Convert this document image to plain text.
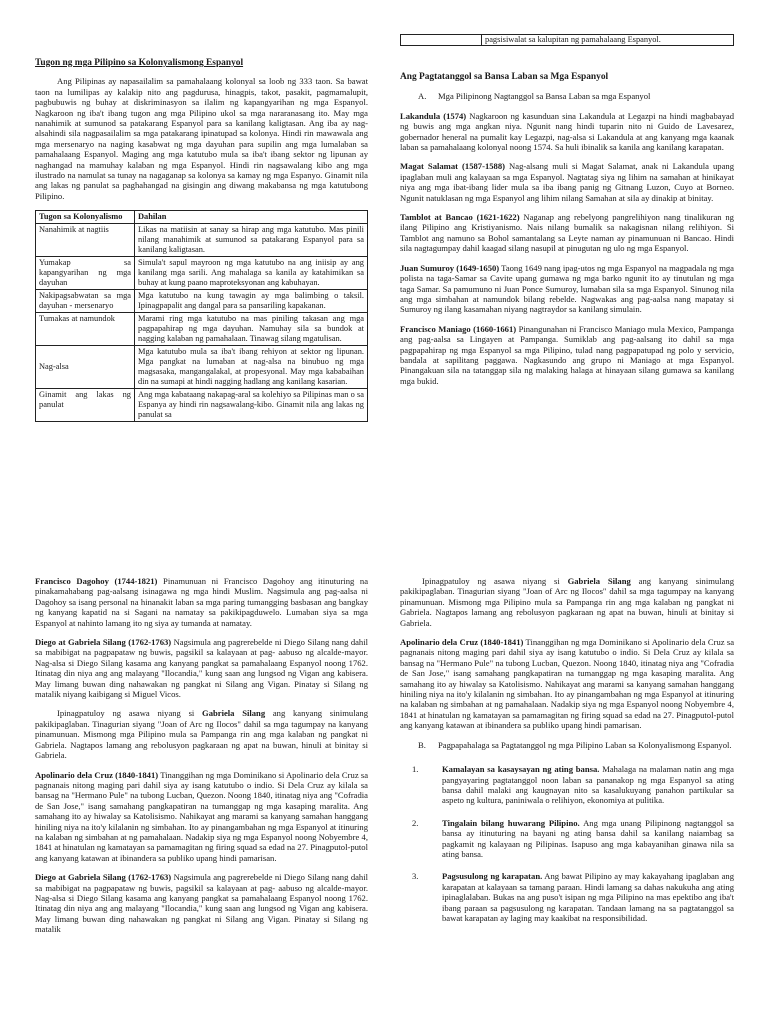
Tugon ng mga Pilipino sa Kolonyalismong Espanyol

Ang Pilipinas ay napasailalim sa pamahalaang kolonyal sa loob ng 333 taon. Sa bawat taon na lumilipas ay kalakip nito ang pagdurusa, hinagpis, takot, pasakit, pagmamalupit, pagbubuwis ng buhay at diskriminasyon sa ilalim ng kapangyarihan ng mga Espanyol. Nagkaroon ng iba't ibang tugon ang mga Pilipino ukol sa mga nararanasang ito. May mga nanahimik at sumunod sa patakarang Espanyol para sa kanilang kaligtasan. Ang iba ay nag-alsahindi sila nagpasailalim sa mga patakarang ipinatupad sa kolonya. Hindi rin mawawala ang mga mersenaryo na naging kasabwat ng mga dayuhan para supilin ang mga lumalaban sa pamahalaang Espanyol. Maging ang mga katutubo mula sa iba't ibang sektor ng lipunan ay naghangad na mamuhay kalaban ng mga Espanyol. Hindi rin nagsawalang kibo ang mga ilustrado na namulat sa tunay na nagaganap sa kolonya sa kamay ng mga Espanyo. Ginamit nila ang lakas ng panulat sa paghahangad na gisingin ang diwang makabansa ng mga katutubong Pilipino.

Tugon sa Kolonyalismo	Dahilan
Nanahimik at nagtiis	Likas na matiisin at sanay sa hirap ang mga katutubo. Mas pinili nilang manahimik at sumunod sa patakarang Espanyol para sa kanilang kaligtasan.
Yumakap sa kapangyarihan ng mga dayuhan	Simula't sapul mayroon ng mga katutubo na ang iniisip ay ang kanilang mga sarili. Ang mahalaga sa kanila ay katahimikan sa buhay at kung paano maproteksyonan ang kabuhayan.
Nakipagsabwatan sa mga dayuhan - mersenaryo	Mga katutubo na kung tawagin ay mga balimbing o taksil. Ipinagpapalit ang dangal para sa pansariling kapakanan.
Tumakas at namundok	Marami ring mga katutubo na mas piniling takasan ang mga pagpapahirap ng mga dayuhan. Namuhay sila sa bundok at nagging kalaban ng pamahalaan. Tinawag silang mgatulisan.
Nag-alsa	Mga katutubo mula sa iba't ibang rehiyon at sektor ng lipunan. Mga pangkat na lumaban at nag-alsa na binubuo ng mga magsasaka, mangangalakal, at propesyonal. May mga kababaihan din na sumapi at hindi nagging hadlang ang kanilang kasarian.
Ginamit ang lakas ng panulat	Ang mga kabataang nakapag-aral sa kolehiyo sa Pilipinas man o sa Espanya ay hindi rin nagsawalang-kibo. Ginamit nila ang lakas ng panulat sa
	pagsisiwalat sa kalupitan ng pamahalaang Espanyol.
Ang Pagtatanggol sa Bansa Laban sa Mga Espanyol
A. Mga Pilipinong Nagtanggol sa Bansa Laban sa mga Espanyol

Lakandula (1574) Nagkaroon ng kasunduan sina Lakandula at Legazpi na hindi magbabayad ng buwis ang mga angkan niya. Ngunit nang hindi tuparin nito ni Guido de Lavesarez, gobernador heneral na pumalit kay Legazpi, nag-alsa si Lakandula at ang kanyang mga kaanak laban sa pamahalaang kolonyal noong 1574. Sa huli ibinalik sa kanila ang kanilang karapatan.

Magat Salamat (1587-1588) Nag-alsang muli si Magat Salamat, anak ni Lakandula upang ipaglaban muli ang kalayaan sa mga Espanyol. Nagtatag siya ng lihim na samahan at hinikayat niya ang mga ibat-ibang lider mula sa iba ibang panig ng Gitnang Luzon, Cuyo at Borneo. Ngunit natuklasan ng mga Espanyol ang lihim nilang Samahan at sila ay dinakip at binitay.

Tamblot at Bancao (1621-1622) Naganap ang rebelyong pangrelihiyon nang tinalikuran ng ilang Pilipino ang Kristiyanismo. Nais nilang bumalik sa nakagisnan nilang relihiyon. Si Tamblot ang namuno sa Bohol samantalang sa Leyte naman ay pinamunuan ni Bancao. Hindi sila nagtagumpay dahil kaagad silang nasupil at pinugutan ng ulo ng mga Espanyol.

Juan Sumuroy (1649-1650) Taong 1649 nang ipag-utos ng mga Espanyol na magpadala ng mga polista na taga-Samar sa Cavite upang gumawa ng mga barko ngunit ito ay tinutulan ng mga taga Samar. Sa pamumuno ni Juan Ponce Sumuroy, lumaban sila sa mga Espanyol. Sinunog nila ang mga simbahan at namundok bilang rebelde. Nagwakas ang pag-aalsa nang mapatay si Sumuroy ng ilang kasamahan niyang nagtraydor sa kanilang simulain.

Francisco Maniago (1660-1661) Pinangunahan ni Francisco Maniago mula Mexico, Pampanga ang pag-aalsa sa Lingayen at Pampanga. Sumiklab ang pag-aalsang ito dahil sa mga pagpapahirap ng mga Espanyol sa mga Pilipino, tulad nang pagpapatupad ng polo y servicio, bandala at sapilitang paggawa. Nagkasundo ang grupo ni Maniago at mga Espanyol. Pinangakuan sila na tatanggap sila ng malaking halaga at hinayaan silang gumawa sa kanilang mga bukid.

Francisco Dagohoy (1744-1821) Pinamunuan ni Francisco Dagohoy ang itinuturing na pinakamahabang pag-aalsang isinagawa ng mga hindi Muslim. Nagsimula ang pag-aalsa ni Dagohoy sa isang personal na hinanakit laban sa mga paring tumangging basbasan ang bangkay ng kanyang kapatid na si Sagani na namatay sa pakikipagduwelo. Lumaban siya sa mga Espanyol at nahinto lamang ito ng siya ay tumanda at namatay.

Diego at Gabriela Silang (1762-1763) Nagsimula ang pagrerebelde ni Diego Silang nang dahil sa mabibigat na pagpapataw ng buwis, pagsikil sa kalayaan at pag- aabuso ng alcalde-mayor. Nag-alsa si Diego Silang kasama ang kanyang pangkat sa pamahalaang Espanyol noong 1762. Itinatag din niya ang ang malayang "Ilocandia," kung saan ang lungsod ng Vigan ang kabisera. May limang buwan ding nahawakan ng pangkat ni Silang ang Vigan. Pinatay si Silang ng matalik niyang kaibigang si Miguel Vicos.

Ipinagpatuloy ng asawa niyang si Gabriela Silang ang kanyang sinimulang pakikipaglaban. Tinagurian siyang "Joan of Arc ng Ilocos" dahil sa mga tagumpay na kanyang pinamunuan. Mismong mga Pilipino mula sa Pampanga rin ang mga kalaban ng pangkat ni Gabriela. Nagtapos lamang ang rebolusyon pagkaraan ng apat na buwan, hinuli at binitay si Gabriela.

Apolinario dela Cruz (1840-1841) Tinanggihan ng mga Dominikano si Apolinario dela Cruz sa pagnanais nitong maging pari dahil siya ay isang katutubo o indio. Si Dela Cruz ay kilala sa bansag na "Hermano Pule" na tubong Lucban, Quezon. Noong 1840, itinatag niya ang "Cofradia de San Jose," isang samahang pangkapatiran na tumanggap ng mga kasaping maralita. Ang samahang ito ay hiwalay sa Katolisismo. Nahikayat ang marami sa kanyang samahan hanggang hiniling niya na ito'y kilalanin ng simbahan. Ito ay pinangambahan ng mga Espanyol at itinuring na kalaban ng simbahan at ng pamahalaan. Nadakip siya ng mga Espanyol noong Nobyembre 4, 1841 at hinatulan ng kamatayan sa pamamagitan ng firing squad sa edad na 27. Pinagputol-putol ang kanyang katawan at ibinandera sa publiko upang hindi pamarisan.

Diego at Gabriela Silang (1762-1763) Nagsimula ang pagrerebelde ni Diego Silang nang dahil sa mabibigat na pagpapataw ng buwis, pagsikil sa kalayaan at pag- aabuso ng alcalde-mayor. Nag-alsa si Diego Silang kasama ang kanyang pangkat sa pamahalaang Espanyol noong 1762. Itinatag din niya ang ang malayang "Ilocandia," kung saan ang lungsod ng Vigan ang kabisera. May limang buwan ding nahawakan ng pangkat ni Silang ang Vigan. Pinatay si Silang ng matalik

Ipinagpatuloy ng asawa niyang si Gabriela Silang ang kanyang sinimulang pakikipaglaban. Tinagurian siyang "Joan of Arc ng Ilocos" dahil sa mga tagumpay na kanyang pinamunuan. Mismong mga Pilipino mula sa Pampanga rin ang mga kalaban ng pangkat ni Gabriela. Nagtapos lamang ang rebolusyon pagkaraan ng apat na buwan, hinuli at binitay si Gabriela.

Apolinario dela Cruz (1840-1841) Tinanggihan ng mga Dominikano si Apolinario dela Cruz sa pagnanais nitong maging pari dahil siya ay isang katutubo o indio. Si Dela Cruz ay kilala sa bansag na "Hermano Pule" na tubong Lucban, Quezon. Noong 1840, itinatag niya ang "Cofradia de San Jose," isang samahang pangkapatiran na tumanggap ng mga kasaping maralita. Ang samahang ito ay hiwalay sa Katolisismo. Nahikayat ang marami sa kanyang samahan hanggang hiniling niya na ito'y kilalanin ng simbahan. Ito ay pinangambahan ng mga Espanyol at itinuring na kalaban ng simbahan at ng pamahalaan. Nadakip siya ng mga Espanyol noong Nobyembre 4, 1841 at hinatulan ng kamatayan sa pamamagitan ng firing squad sa edad na 27. Pinagputol-putol ang kanyang katawan at ibinandera sa publiko upang hindi pamarisan.

B.	Pagpapahalaga sa Pagtatanggol ng mga Pilipino Laban sa Kolonyalismong Espanyol.
1.	Kamalayan sa kasaysayan ng ating bansa. Mahalaga na malaman natin ang mga pangyayaring pagtatanggol noon laban sa pananakop ng mga Espanyol sa ating bansa dahil malaki ang kaugnayan nito sa kasalukuyang panahon partikular sa aspeto ng kultura, paniniwala o relihiyon, ekonomiya at pulitika.
2.	Tingalain bilang huwarang Pilipino. Ang mga unang Pilipinong nagtanggol sa bansa ay itinuturing na bayani ng ating bansa dahil sa kanilang naiambag sa pagkamit ng kalayaan ng Pilipinas. Isapuso ang mga kabayanihan ginawa nila sa ating bansa.
3.	Pagsusulong ng karapatan. Ang bawat Pilipino ay may kakayahang ipaglaban ang karapatan at kalayaan sa tamang paraan. Hindi lamang sa dahas nakukuha ang ating ipinaglalaban. Bukas na ang puso't isipan ng mga Pilipino na mas epektibo ang iba't ibang paraan sa pagsusulong ng karapatan. Tandaan lamang na sa pagtatanggol sa bawat karapatan ay laging may kaakibat na responsibilidad.
